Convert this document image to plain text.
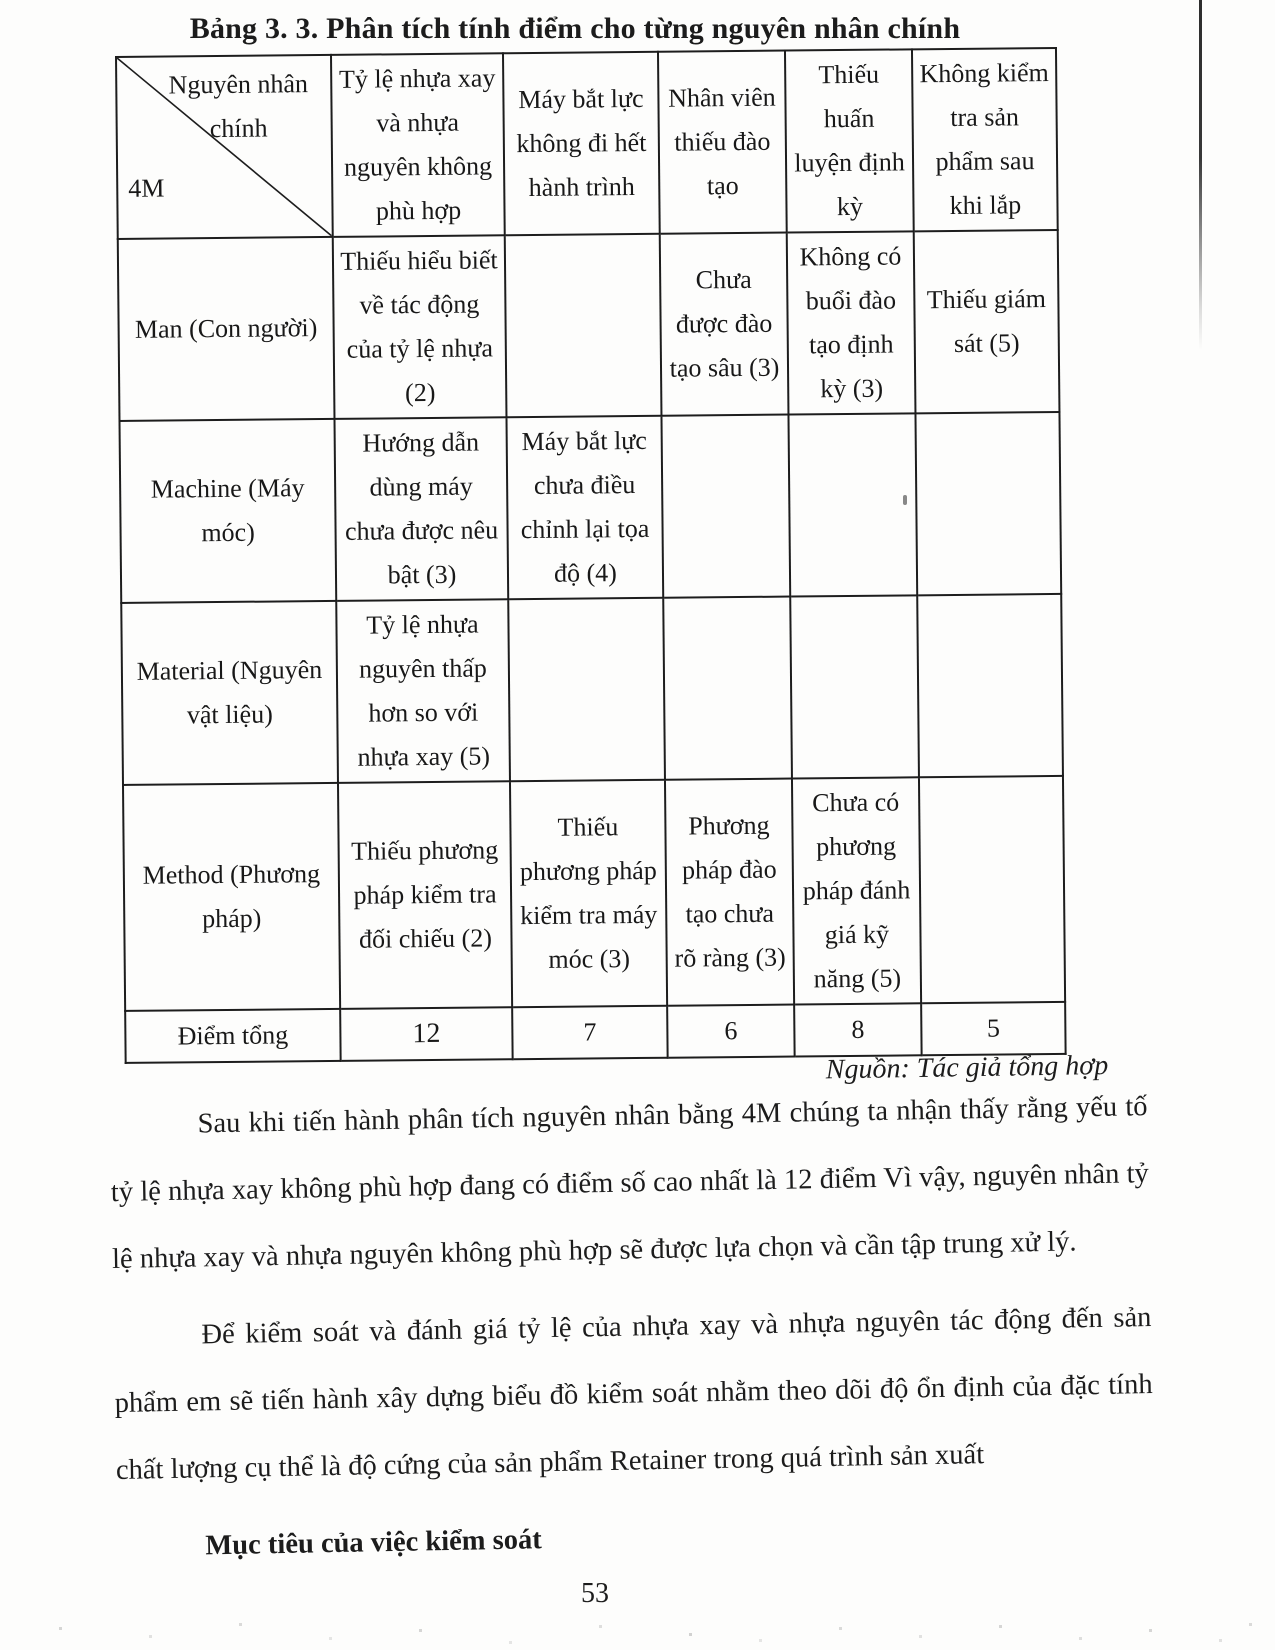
Bảng 3. 3. Phân tích tính điểm cho từng nguyên nhân chính
Nguyên nhân chính
4M	Tỷ lệ nhựa xay và nhựa nguyên không phù hợp	Máy bắt lực không đi hết hành trình	Nhân viên thiếu đào tạo	Thiếu huấn luyện định kỳ	Không kiểm tra sản phẩm sau khi lắp
Man (Con người)	Thiếu hiểu biết về tác động của tỷ lệ nhựa (2)		Chưa được đào tạo sâu (3)	Không có buổi đào tạo định kỳ (3)	Thiếu giám sát (5)
Machine (Máy móc)	Hướng dẫn dùng máy chưa được nêu bật (3)	Máy bắt lực chưa điều chỉnh lại tọa độ (4)			
Material (Nguyên vật liệu)	Tỷ lệ nhựa nguyên thấp hơn so với nhựa xay (5)				
Method (Phương pháp)	Thiếu phương pháp kiểm tra đối chiếu (2)	Thiếu phương pháp kiểm tra máy móc (3)	Phương pháp đào tạo chưa rõ ràng (3)	Chưa có phương pháp đánh giá kỹ năng (5)	
Điểm tổng	12	7	6	8	5
Nguồn: Tác giả tổng hợp

Sau khi tiến hành phân tích nguyên nhân bằng 4M chúng ta nhận thấy rằng yếu tố tỷ lệ nhựa xay không phù hợp đang có điểm số cao nhất là 12 điểm Vì vậy, nguyên nhân tỷ lệ nhựa xay và nhựa nguyên không phù hợp sẽ được lựa chọn và cần tập trung xử lý.

Để kiểm soát và đánh giá tỷ lệ của nhựa xay và nhựa nguyên tác động đến sản phẩm em sẽ tiến hành xây dựng biểu đồ kiểm soát nhằm theo dõi độ ổn định của đặc tính chất lượng cụ thể là độ cứng của sản phẩm Retainer trong quá trình sản xuất

Mục tiêu của việc kiểm soát
53
